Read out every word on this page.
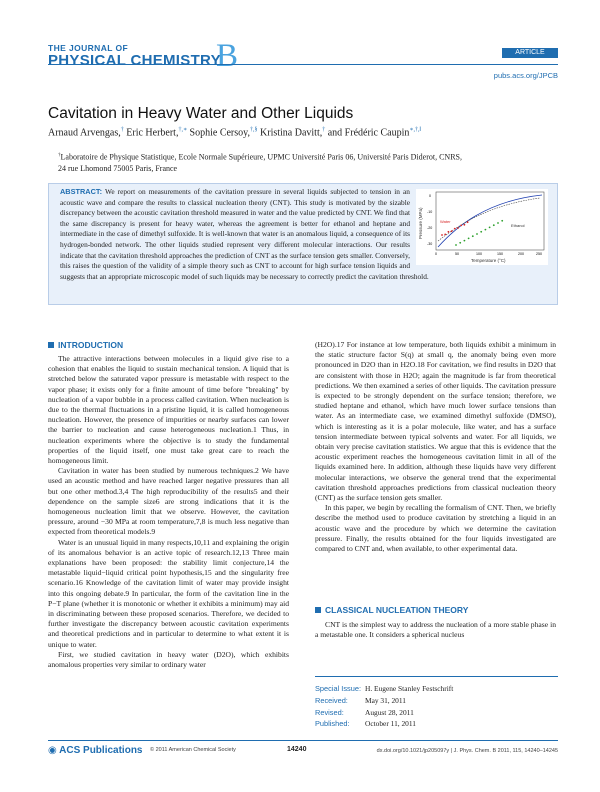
THE JOURNAL OF
PHYSICAL CHEMISTRY
B	ARTICLE
pubs.acs.org/JPCB
Cavitation in Heavy Water and Other Liquids
Arnaud Arvengas,† Eric Herbert,†,∗ Sophie Cersoy,†,§ Kristina Davitt,† and Frédéric Caupin∗,†,‖
†Laboratoire de Physique Statistique, Ecole Normale Supérieure, UPMC Université Paris 06, Université Paris Diderot, CNRS,
24 rue Lhomond 75005 Paris, France
Pressure (MPa)
Temperature (°C)
0
-10
-20
-30
0	50	100	150	200	250
Water
Ethanol
ABSTRACT: We report on measurements of the cavitation pressure in several liquids subjected to tension in an acoustic wave and compare the results to classical nucleation theory (CNT). This study is motivated by the sizable discrepancy between the acoustic cavitation threshold measured in water and the value predicted by CNT. We find that the same discrepancy is present for heavy water, whereas the agreement is better for ethanol and heptane and intermediate in the case of dimethyl sulfoxide. It is well-known that water is an anomalous liquid, a consequence of its hydrogen-bonded network. The other liquids studied represent very different molecular interactions. Our results indicate that the cavitation threshold approaches the prediction of CNT as the surface tension gets smaller. Conversely, this raises the question of the validity of a simple theory such as CNT to account for high surface tension liquids and suggests that an appropriate microscopic model of such liquids may be necessary to correctly predict the cavitation threshold.
INTRODUCTION

The attractive interactions between molecules in a liquid give rise to a cohesion that enables the liquid to sustain mechanical tension. A liquid that is stretched below the saturated vapor pressure is metastable with respect to the vapor phase; it exists only for a finite amount of time before "breaking" by nucleation of a vapor bubble in a process called cavitation. When nucleation is due to the thermal fluctuations in a pristine liquid, it is called homogeneous nucleation. However, the presence of impurities or nearby surfaces can lower the barrier to nucleation and cause heterogeneous nucleation.1 Thus, in nucleation experiments where the objective is to study the fundamental properties of the liquid itself, one must take great care to reach the homogeneous limit.

Cavitation in water has been studied by numerous techniques.2 We have used an acoustic method and have reached larger negative pressures than all but one other method.3,4 The high reproducibility of the results5 and their dependence on the sample size6 are strong indications that it is the homogeneous nucleation limit that we observe. However, the cavitation pressure, around −30 MPa at room temperature,7,8 is much less negative than expected from theoretical models.9

Water is an unusual liquid in many respects,10,11 and explaining the origin of its anomalous behavior is an active topic of research.12,13 Three main explanations have been proposed: the stability limit conjecture,14 the metastable liquid−liquid critical point hypothesis,15 and the singularity free scenario.16 Knowledge of the cavitation limit of water may provide insight into this ongoing debate.9 In particular, the form of the cavitation line in the P−T plane (whether it is monotonic or whether it exhibits a minimum) may aid in discriminating between these proposed scenarios. Therefore, we decided to further investigate the discrepancy between acoustic cavitation experiments and theoretical predictions and in particular to determine to what extent it is unique to water.

First, we studied cavitation in heavy water (D2O), which exhibits anomalous properties very similar to ordinary water

(H2O).17 For instance at low temperature, both liquids exhibit a minimum in the static structure factor S(q) at small q, the anomaly being even more pronounced in D2O than in H2O.18 For cavitation, we find results in D2O that are consistent with those in H2O; again the magnitude is far from theoretical predictions. We then examined a series of other liquids. The cavitation pressure is expected to be strongly dependent on the surface tension; therefore, we studied heptane and ethanol, which have much lower surface tensions than water. As an intermediate case, we examined dimethyl sulfoxide (DMSO), which is interesting as it is a polar molecule, like water, and has a surface tension intermediate between typical solvents and water. For all liquids, we obtain very precise cavitation statistics. We argue that this is evidence that the acoustic experiment reaches the homogeneous cavitation limit in all of the liquids examined here. In addition, although these liquids have very different molecular interactions, we observe the general trend that the experimental cavitation threshold approaches predictions from classical nucleation theory (CNT) as the surface tension gets smaller.

In this paper, we begin by recalling the formalism of CNT. Then, we briefly describe the method used to produce cavitation by stretching a liquid in an acoustic wave and the procedure by which we determine the cavitation pressure. Finally, the results obtained for the four liquids investigated are compared to CNT and, when available, to other experimental data.

CLASSICAL NUCLEATION THEORY

CNT is the simplest way to address the nucleation of a more stable phase in a metastable one. It considers a spherical nucleus

Special Issue: H. Eugene Stanley Festschrift
Received: May 31, 2011
Revised:	August 28, 2011
Published: October 11, 2011
◉ ACS Publications © 2011 American Chemical Society	14240	dx.doi.org/10.1021/jp205097y | J. Phys. Chem. B 2011, 115, 14240–14245
